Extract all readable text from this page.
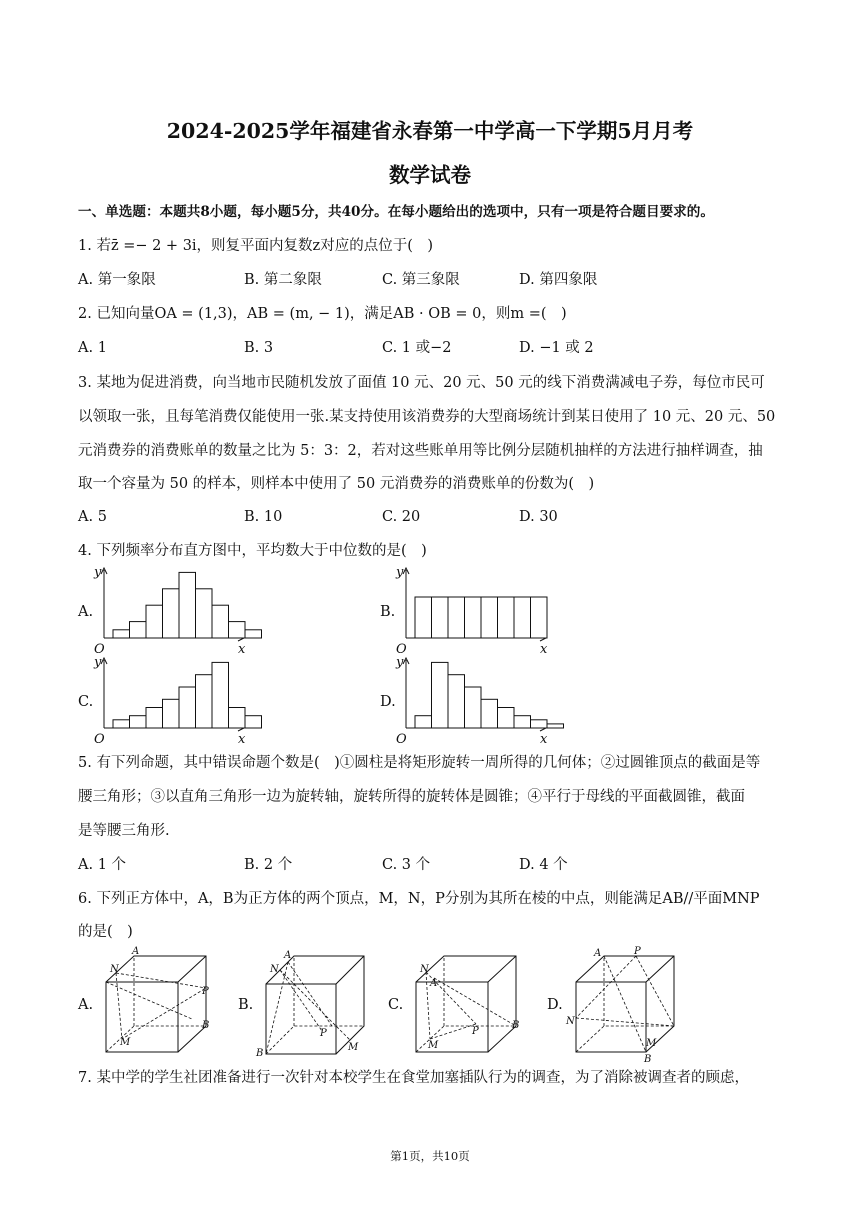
2024-2025学年福建省永春第一中学高一下学期5月月考
数学试卷
一、单选题：本题共8小题，每小题5分，共40分。在每小题给出的选项中，只有一项是符合题目要求的。
1. 若z̄ =− 2 + 3i，则复平面内复数z对应的点位于(　)
A. 第一象限	B. 第二象限	C. 第三象限	D. 第四象限
2. 已知向量OA = (1,3)，AB = (m, − 1)，满足AB · OB = 0，则m =(　)
A. 1	B. 3	C. 1 或−2	D. −1 或 2
3. 某地为促进消费，向当地市民随机发放了面值 10 元、20 元、50 元的线下消费满减电子券，每位市民可
以领取一张，且每笔消费仅能使用一张.某支持使用该消费券的大型商场统计到某日使用了 10 元、20 元、50
元消费券的消费账单的数量之比为 5：3：2，若对这些账单用等比例分层随机抽样的方法进行抽样调查，抽
取一个容量为 50 的样本，则样本中使用了 50 元消费券的消费账单的份数为(　)
A. 5	B. 10	C. 20	D. 30
4. 下列频率分布直方图中，平均数大于中位数的是(　)
A.	B.
C.	D.
y
x
O
y
x
O
y
x
O
y
x
O
5. 有下列命题，其中错误命题个数是(　)①圆柱是将矩形旋转一周所得的几何体；②过圆锥顶点的截面是等
腰三角形；③以直角三角形一边为旋转轴，旋转所得的旋转体是圆锥；④平行于母线的平面截圆锥，截面
是等腰三角形.
A. 1 个	B. 2 个	C. 3 个	D. 4 个
6. 下列正方体中，A，B为正方体的两个顶点，M，N，P分别为其所在棱的中点，则能满足AB//平面MNP
的是(　)
A.	B.	C.	D.
N
A
P
B
M
N
A
P
B
M
N
A
P
B
M
A	P
N
B
M
7. 某中学的学生社团准备进行一次针对本校学生在食堂加塞插队行为的调查，为了消除被调查者的顾虑，
第1页，共10页
